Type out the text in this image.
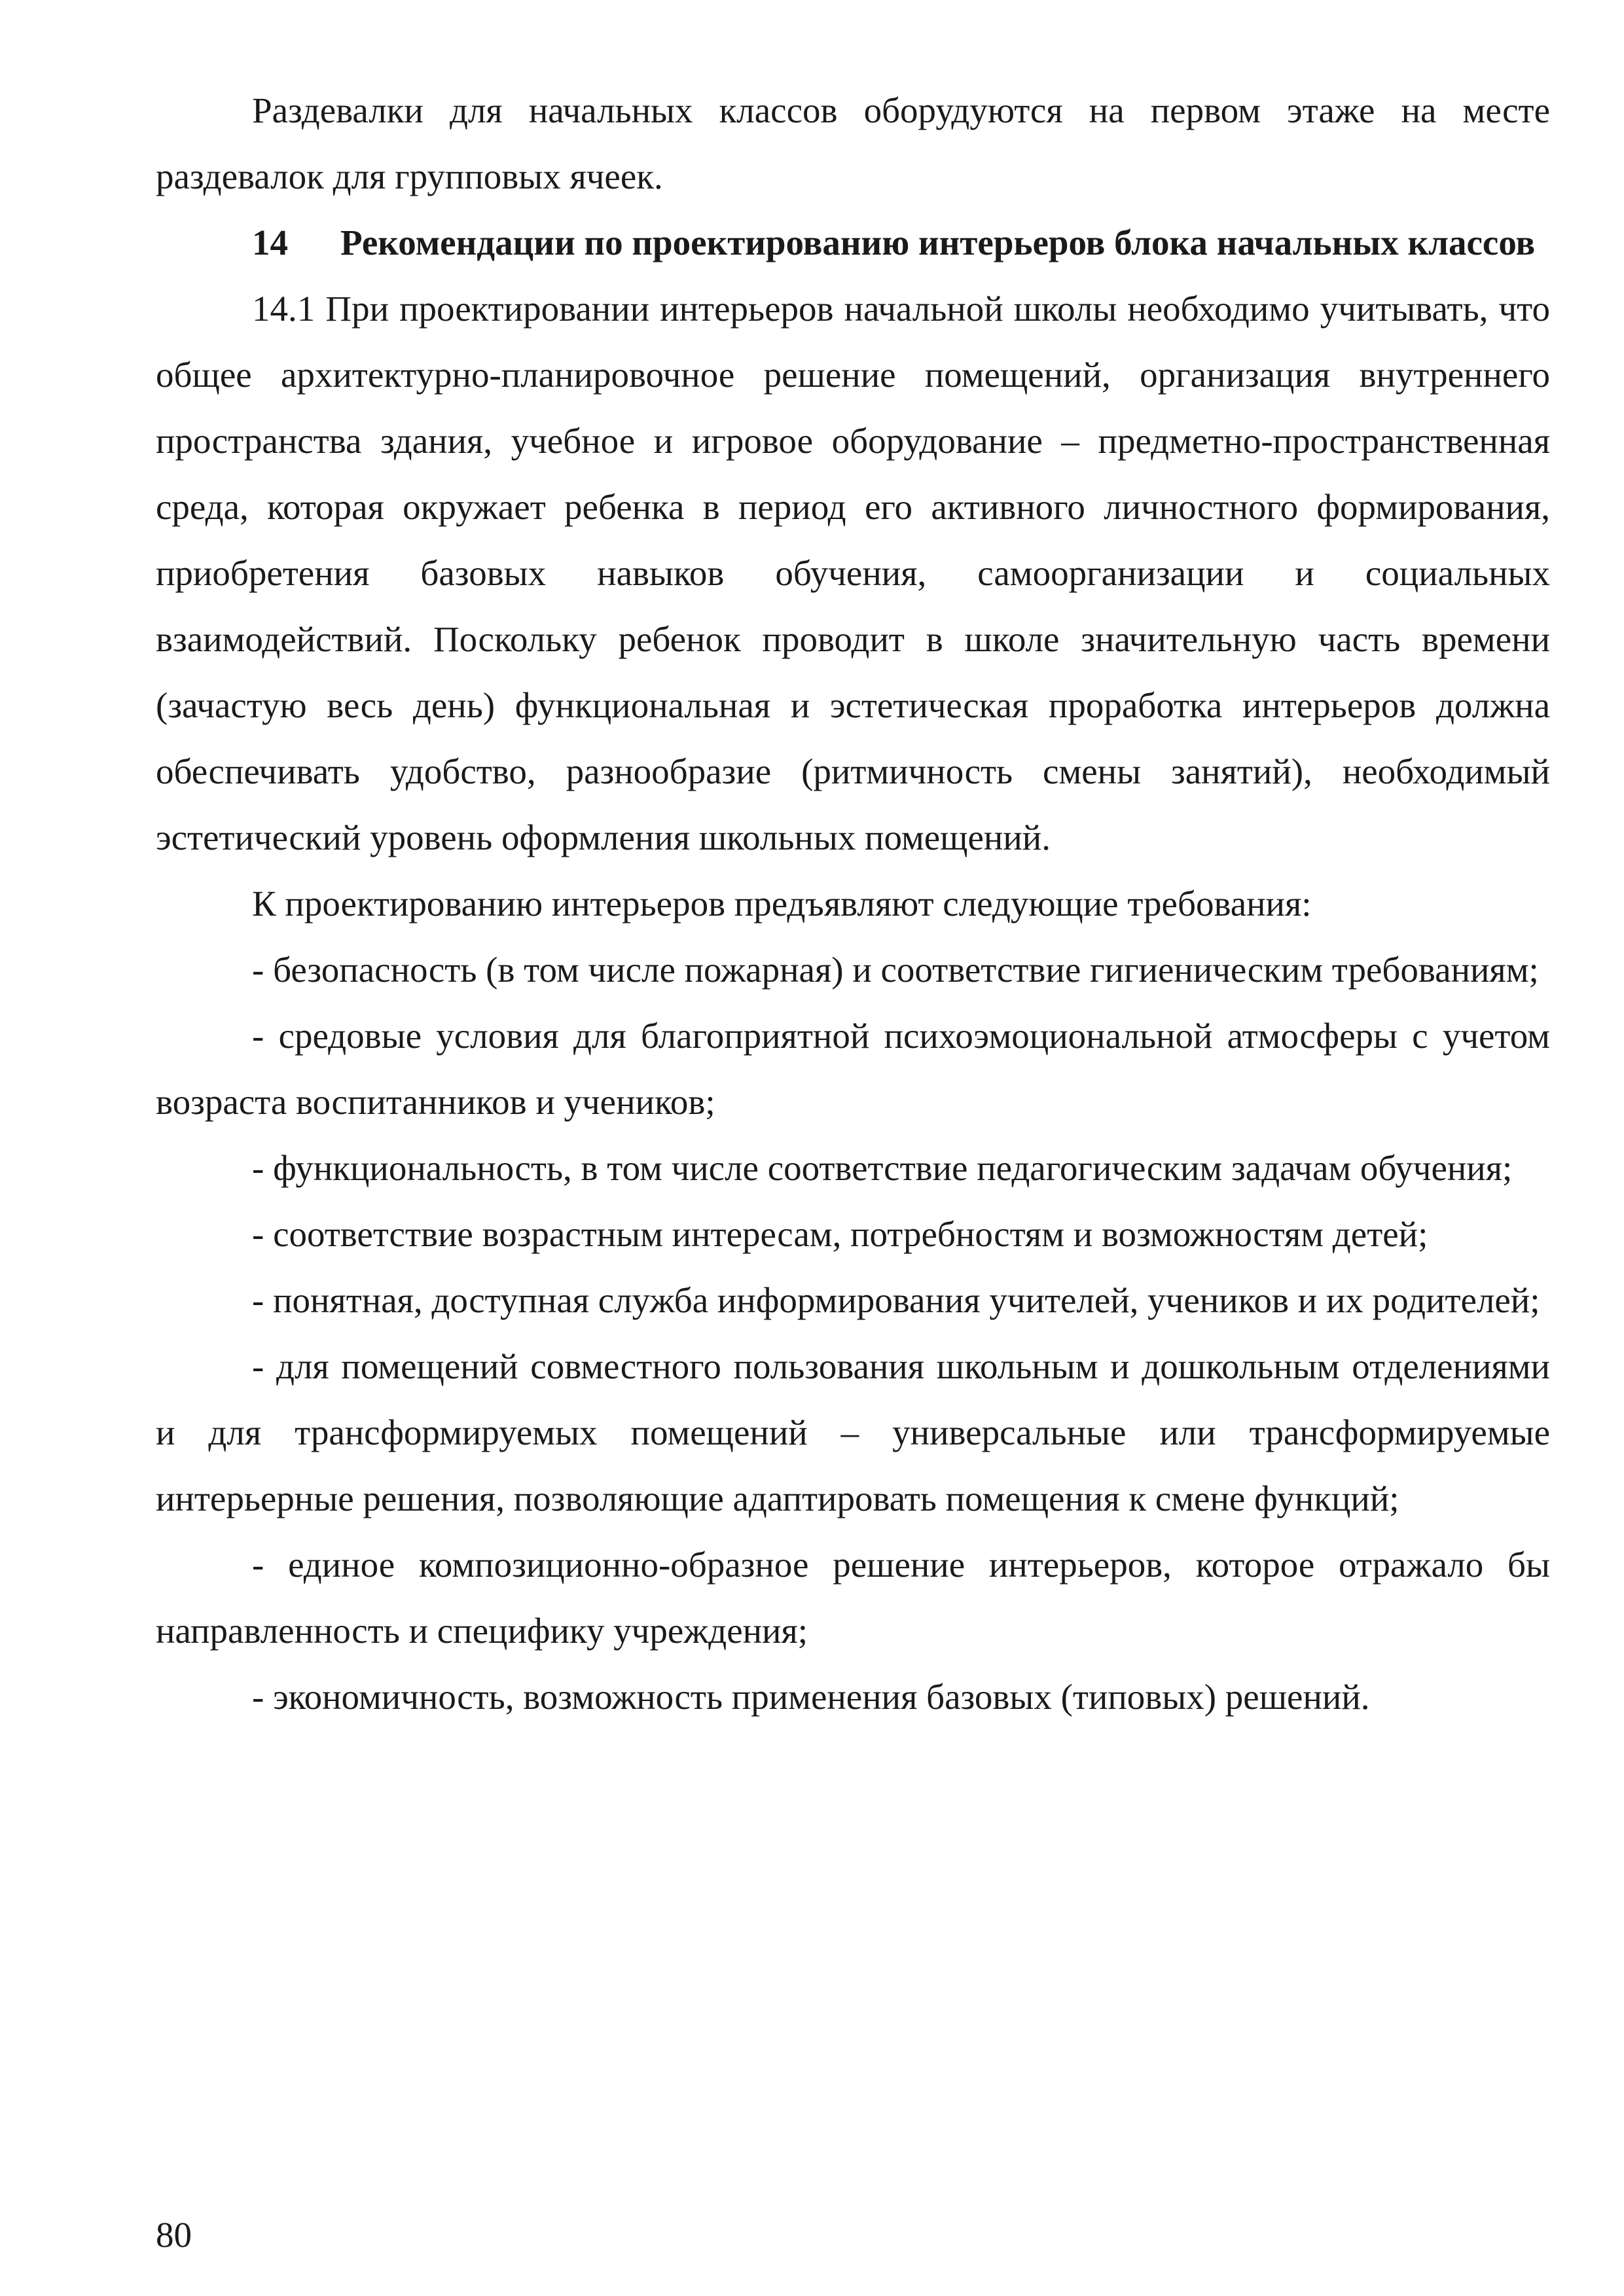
Раздевалки для начальных классов оборудуются на первом этаже на месте раздевалок для групповых ячеек.

14 Рекомендации по проектированию интерьеров блока начальных классов

14.1 При проектировании интерьеров начальной школы необходимо учитывать, что общее архитектурно-планировочное решение помещений, организация внутреннего пространства здания, учебное и игровое оборудование – предметно-пространственная среда, которая окружает ребенка в период его активного личностного формирования, приобретения базовых навыков обучения, самоорганизации и социальных взаимодействий. Поскольку ребенок проводит в школе значительную часть времени (зачастую весь день) функциональная и эстетическая проработка интерьеров должна обеспечивать удобство, разнообразие (ритмичность смены занятий), необходимый эстетический уровень оформления школьных помещений.

К проектированию интерьеров предъявляют следующие требования:

- безопасность (в том числе пожарная) и соответствие гигиеническим требованиям;

- средовые условия для благоприятной психоэмоциональной атмосферы с учетом возраста воспитанников и учеников;

- функциональность, в том числе соответствие педагогическим задачам обучения;

- соответствие возрастным интересам, потребностям и возможностям детей;

- понятная, доступная служба информирования учителей, учеников и их родителей;

- для помещений совместного пользования школьным и дошкольным отделениями и для трансформируемых помещений – универсальные или трансформируемые интерьерные решения, позволяющие адаптировать помещения к смене функций;

- единое композиционно-образное решение интерьеров, которое отражало бы направленность и специфику учреждения;

- экономичность, возможность применения базовых (типовых) решений.

80
